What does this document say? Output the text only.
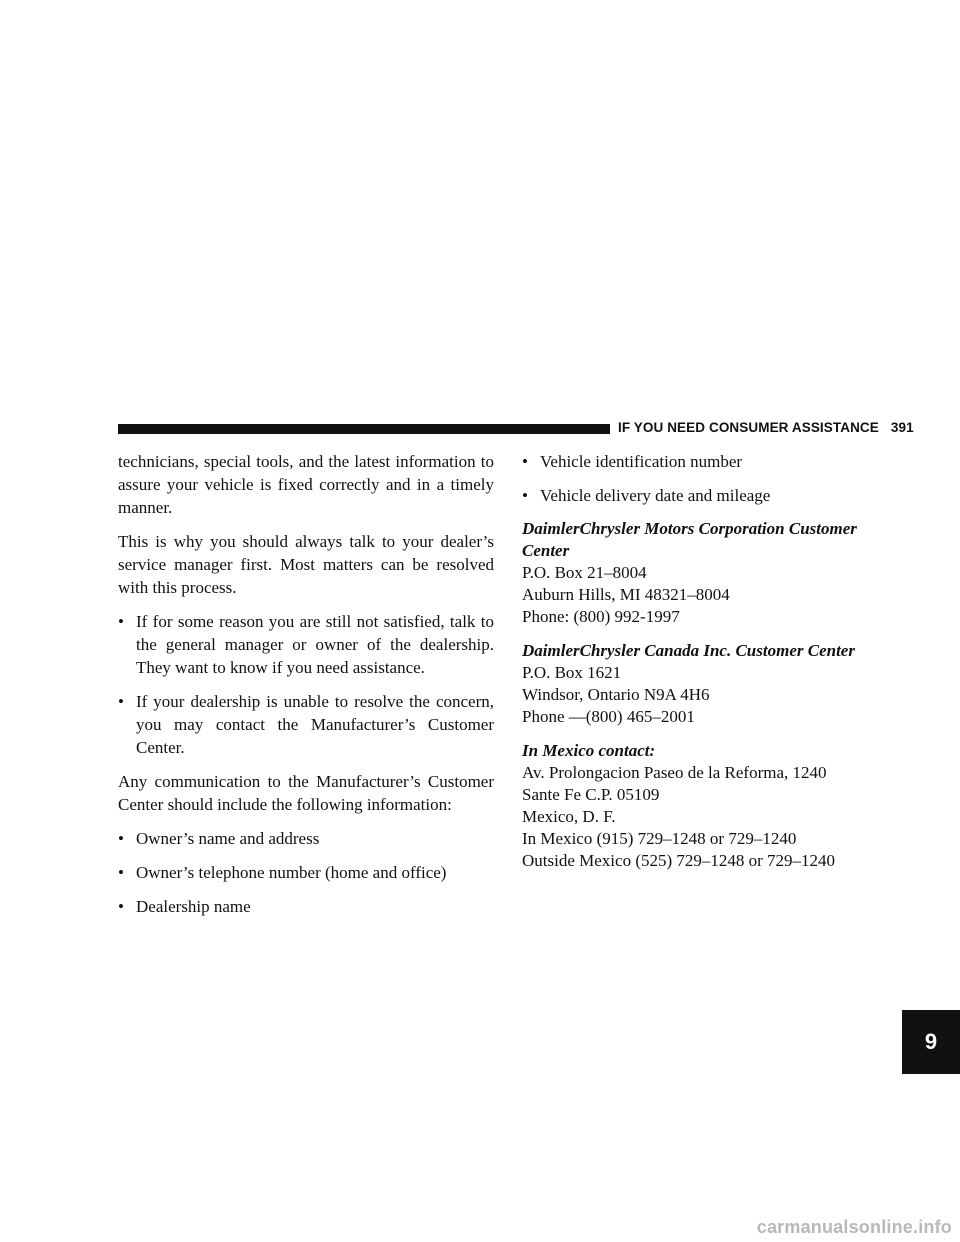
IF YOU NEED CONSUMER ASSISTANCE 391

technicians, special tools, and the latest information to assure your vehicle is fixed correctly and in a timely manner.

This is why you should always talk to your dealer’s service manager first. Most matters can be resolved with this process.

• If for some reason you are still not satisfied, talk to the general manager or owner of the dealership. They want to know if you need assistance.
• If your dealership is unable to resolve the concern, you may contact the Manufacturer’s Customer Center.

Any communication to the Manufacturer’s Customer Center should include the following information:

• Owner’s name and address
• Owner’s telephone number (home and office)
• Dealership name
• Vehicle identification number
• Vehicle delivery date and mileage
DaimlerChrysler Motors Corporation Customer Center
P.O. Box 21–8004
Auburn Hills, MI 48321–8004
Phone: (800) 992-1997
DaimlerChrysler Canada Inc. Customer Center
P.O. Box 1621
Windsor, Ontario N9A 4H6
Phone —(800) 465–2001
In Mexico contact:
Av. Prolongacion Paseo de la Reforma, 1240
Sante Fe C.P. 05109
Mexico, D. F.
In Mexico (915) 729–1248 or 729–1240
Outside Mexico (525) 729–1248 or 729–1240
9
carmanualsonline.info
